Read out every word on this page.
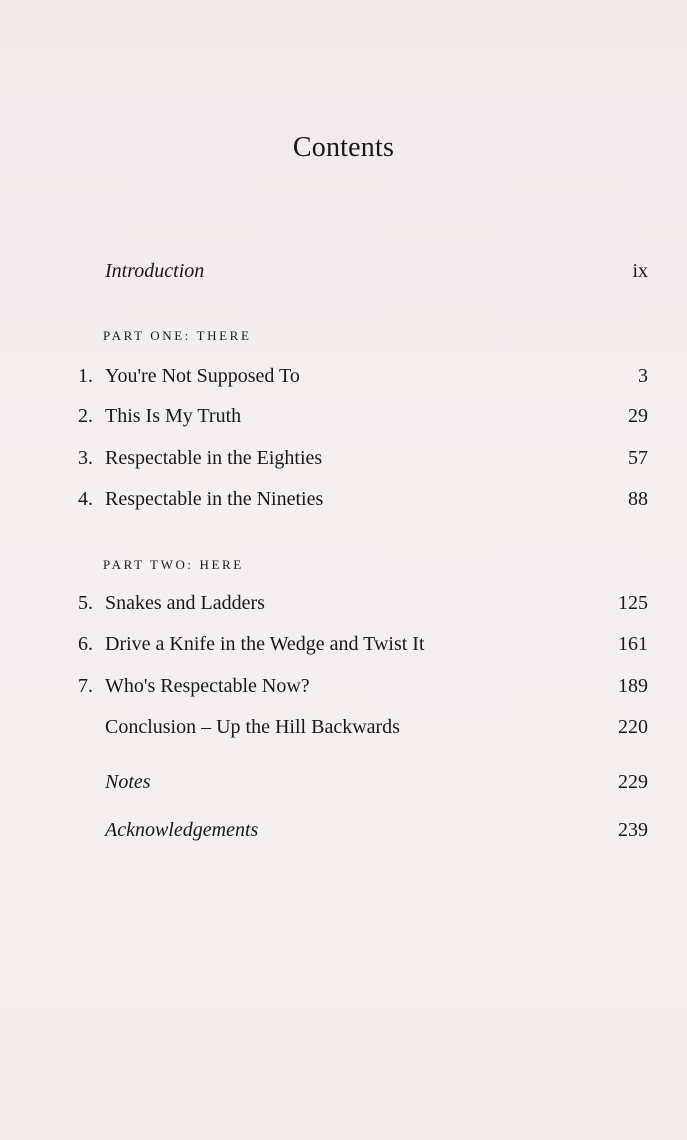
Contents
Introduction	ix
PART ONE: THERE
1. You're Not Supposed To	3
2. This Is My Truth	29
3. Respectable in the Eighties	57
4. Respectable in the Nineties	88
PART TWO: HERE
5. Snakes and Ladders	125
6. Drive a Knife in the Wedge and Twist It	161
7. Who's Respectable Now?	189
Conclusion – Up the Hill Backwards	220
Notes	229
Acknowledgements	239
